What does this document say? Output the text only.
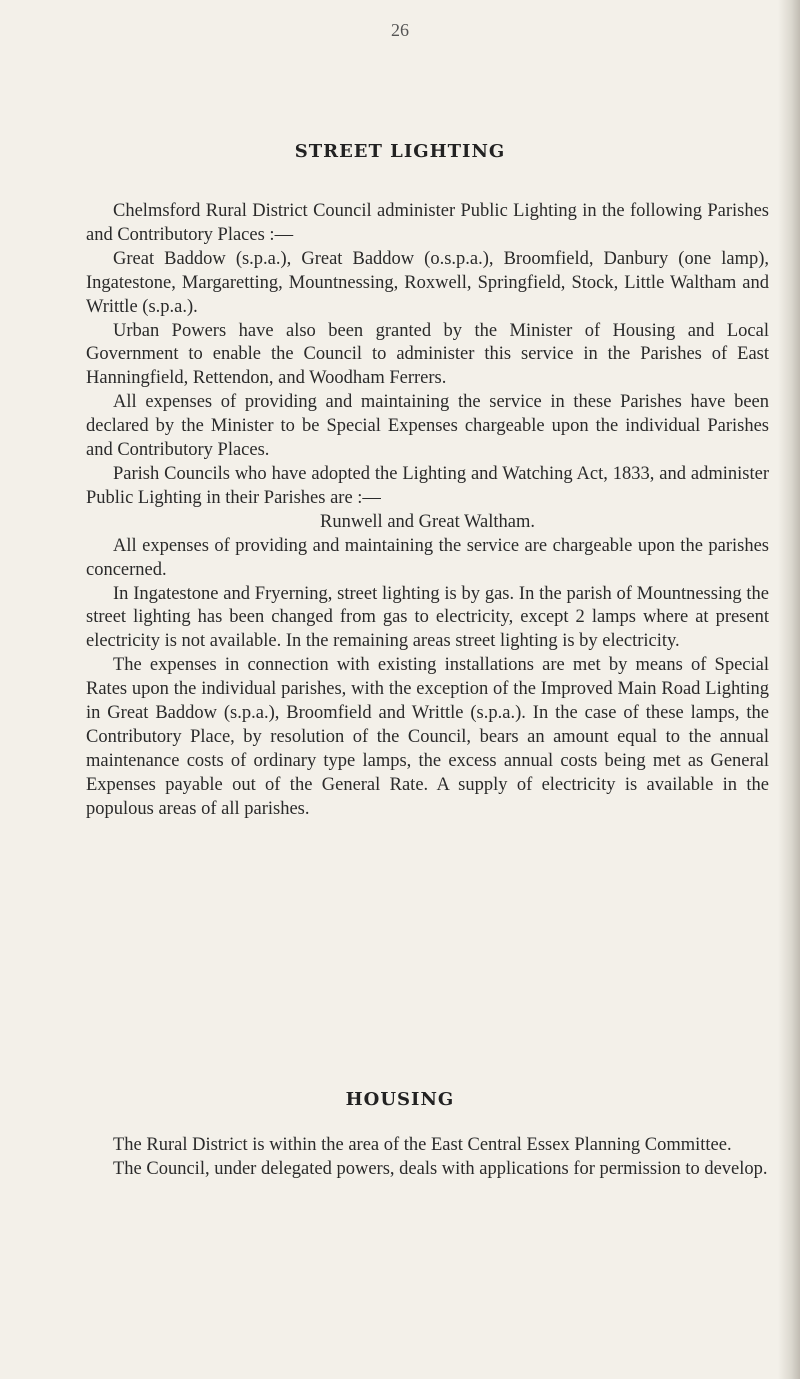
26
STREET LIGHTING

Chelmsford Rural District Council administer Public Lighting in the following Parishes and Contributory Places :—

Great Baddow (s.p.a.), Great Baddow (o.s.p.a.), Broomfield, Danbury (one lamp), Ingatestone, Margaretting, Mountnessing, Roxwell, Springfield, Stock, Little Waltham and Writtle (s.p.a.).

Urban Powers have also been granted by the Minister of Housing and Local Government to enable the Council to administer this service in the Parishes of East Hanningfield, Rettendon, and Woodham Ferrers.

All expenses of providing and maintaining the service in these Parishes have been declared by the Minister to be Special Expenses chargeable upon the individual Parishes and Contributory Places.

Parish Councils who have adopted the Lighting and Watching Act, 1833, and administer Public Lighting in their Parishes are :—

Runwell and Great Waltham.

All expenses of providing and maintaining the service are chargeable upon the parishes concerned.

In Ingatestone and Fryerning, street lighting is by gas. In the parish of Mountnessing the street lighting has been changed from gas to electricity, except 2 lamps where at present electricity is not available. In the remaining areas street lighting is by electricity.

The expenses in connection with existing installations are met by means of Special Rates upon the individual parishes, with the exception of the Improved Main Road Lighting in Great Baddow (s.p.a.), Broomfield and Writtle (s.p.a.). In the case of these lamps, the Contributory Place, by resolution of the Council, bears an amount equal to the annual maintenance costs of ordinary type lamps, the excess annual costs being met as General Expenses payable out of the General Rate. A supply of electricity is available in the populous areas of all parishes.

HOUSING

The Rural District is within the area of the East Central Essex Planning Committee.

The Council, under delegated powers, deals with applications for permission to develop.
